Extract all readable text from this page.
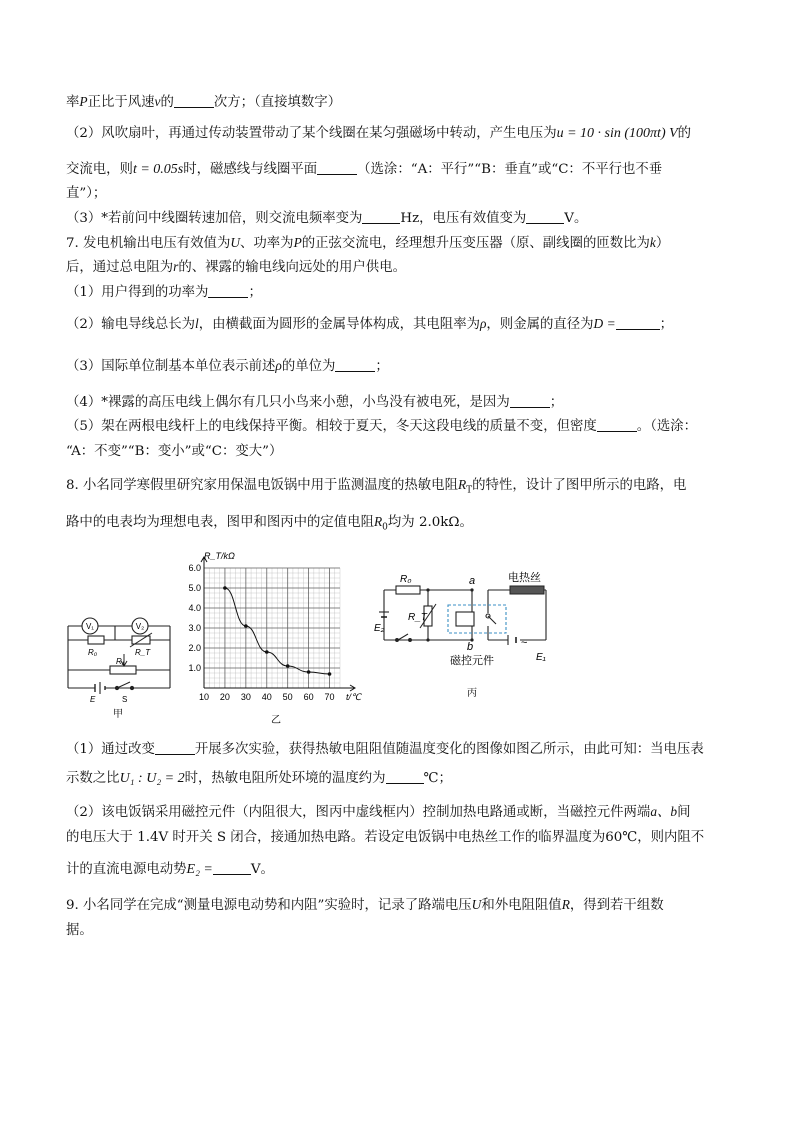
率P正比于风速v的	次方；（直接填数字）
（2）风吹扇叶，再通过传动装置带动了某个线圈在某匀强磁场中转动，产生电压为u = 10 · sin (100πt) V的
交流电，则t = 0.05s时，磁感线与线圈平面	（选涂：“A：平行”“B：垂直”或“C：不平行也不垂
直”）；
（3）*若前问中线圈转速加倍，则交流电频率变为	Hz，电压有效值变为	V。
7. 发电机输出电压有效值为U、功率为P的正弦交流电，经理想升压变压器（原、副线圈的匝数比为k）
后，通过总电阻为r的、裸露的输电线向远处的用户供电。
（1）用户得到的功率为	；
（2）输电导线总长为l，由横截面为圆形的金属导体构成，其电阻率为ρ，则金属的直径为D =	；
（3）国际单位制基本单位表示前述ρ的单位为	；
（4）*裸露的高压电线上偶尔有几只小鸟来小憩，小鸟没有被电死，是因为	；
（5）架在两根电线杆上的电线保持平衡。相较于夏天，冬天这段电线的质量不变，但密度	。（选涂：
“A：不变”“B：变小”或“C：变大”）
8. 小名同学寒假里研究家用保温电饭锅中用于监测温度的热敏电阻$R_T$的特性，设计了图甲所示的电路，电
路中的电表均为理想电表，图甲和图丙中的定值电阻$R_0$均为 2.0kΩ。
V₁	V₂
R₀	R_T
R₁
E	S
甲
10 20 30 40 50 60 70
1.0
2.0
3.0
4.0
5.0
6.0
R_T/kΩ
t/℃
乙
R₀
R_T
a
b
E₂
E₁
电热丝
磁控元件
~
丙
（1）通过改变	开展多次实验，获得热敏电阻阻值随温度变化的图像如图乙所示，由此可知：当电压表
示数之比U₁ : U₂ = 2时，热敏电阻所处环境的温度约为	℃；
（2）该电饭锅采用磁控元件（内阻很大，图丙中虚线框内）控制加热电路通或断，当磁控元件两端a、b间
的电压大于 1.4V 时开关 S 闭合，接通加热电路。若设定电饭锅中电热丝工作的临界温度为60℃，则内阻不
计的直流电源电动势E₂ =	V。
9. 小名同学在完成“测量电源电动势和内阻”实验时，记录了路端电压U和外电阻阻值R，得到若干组数
据。
